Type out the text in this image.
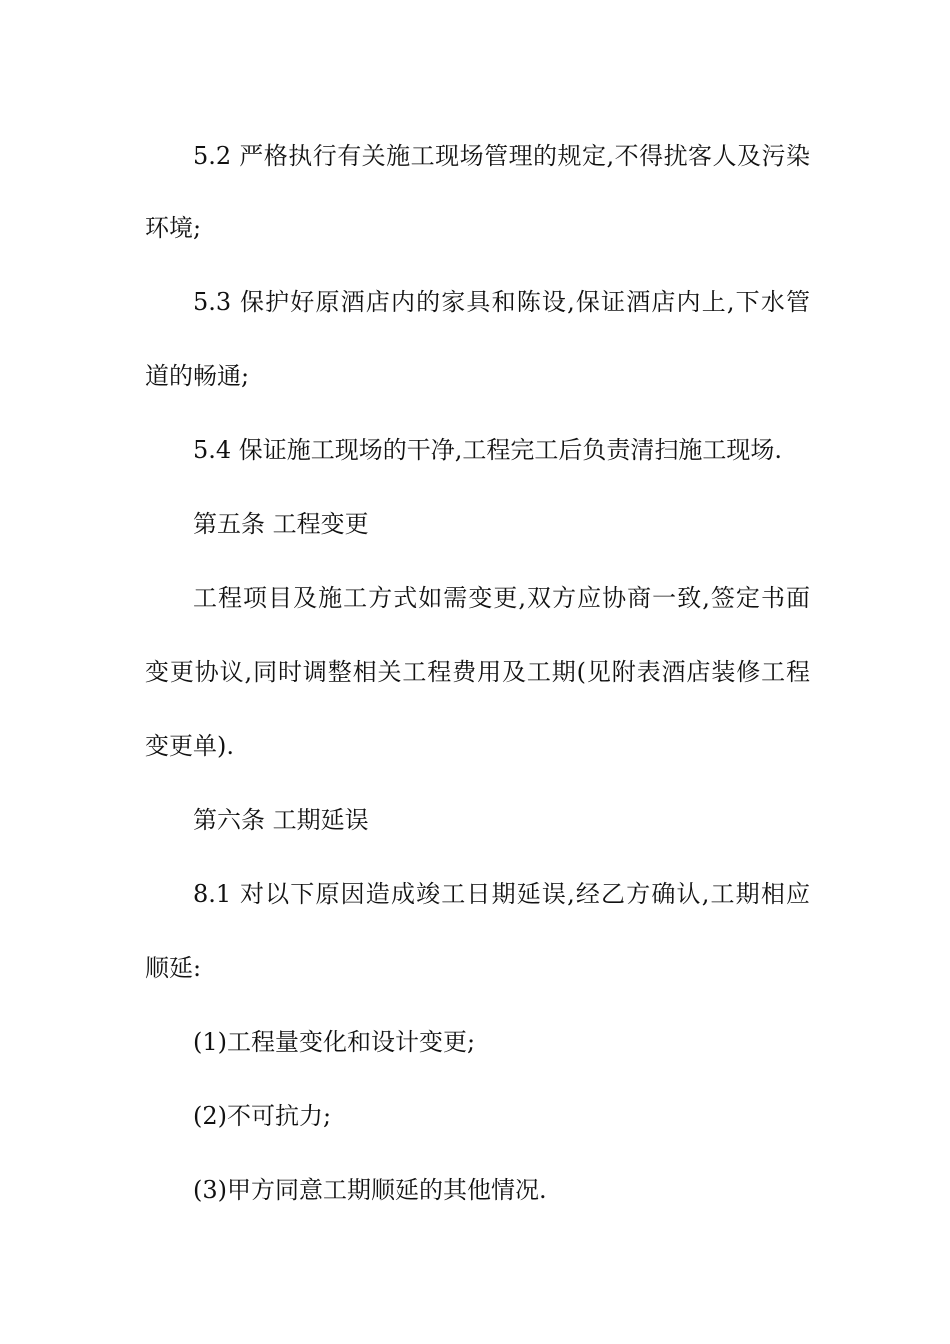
5.2 严格执行有关施工现场管理的规定,不得扰客人及污染
环境;
5.3 保护好原酒店内的家具和陈设,保证酒店内上,下水管
道的畅通;
5.4 保证施工现场的干净,工程完工后负责清扫施工现场.
第五条 工程变更
工程项目及施工方式如需变更,双方应协商一致,签定书面
变更协议,同时调整相关工程费用及工期(见附表酒店装修工程
变更单).
第六条 工期延误
8.1 对以下原因造成竣工日期延误,经乙方确认,工期相应
顺延:
(1)工程量变化和设计变更;
(2)不可抗力;
(3)甲方同意工期顺延的其他情况.
